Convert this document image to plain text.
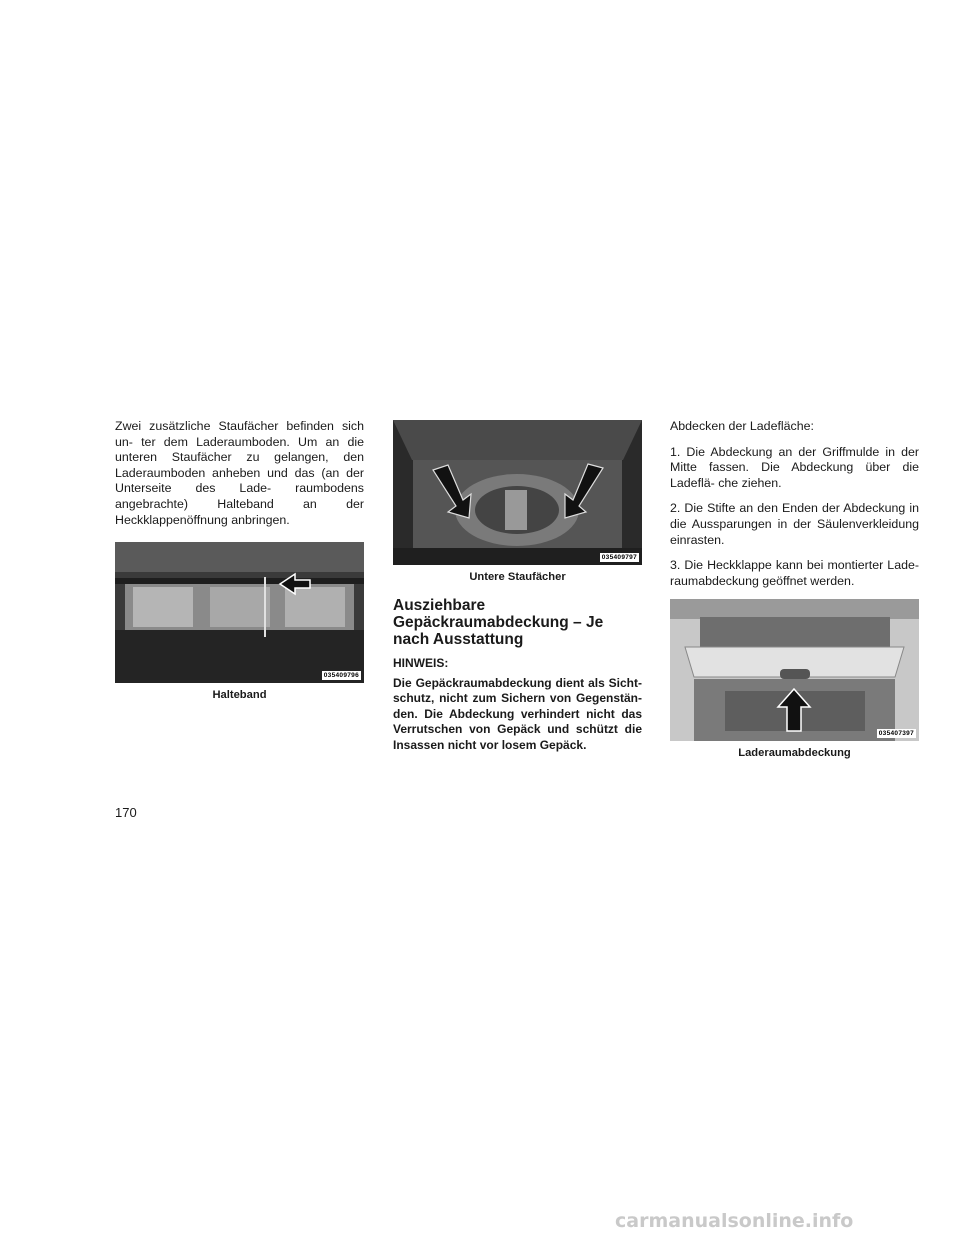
Zwei zusätzliche Staufächer befinden sich un- ter dem Laderaumboden. Um an die unteren Staufächer zu gelangen, den Laderaumboden anheben und das (an der Unterseite des Lade- raumbodens angebrachte) Halteband an der Heckklappenöffnung anbringen.

035409796
Halteband
035409797
Untere Staufächer
Ausziehbare Gepäckraumabdeckung – Je nach Ausstattung
HINWEIS:

Die Gepäckraumabdeckung dient als Sicht- schutz, nicht zum Sichern von Gegenstän- den. Die Abdeckung verhindert nicht das Verrutschen von Gepäck und schützt die Insassen nicht vor losem Gepäck.

Abdecken der Ladefläche:

1. Die Abdeckung an der Griffmulde in der Mitte fassen. Die Abdeckung über die Ladeflä- che ziehen.

2. Die Stifte an den Enden der Abdeckung in die Aussparungen in der Säulenverkleidung einrasten.

3. Die Heckklappe kann bei montierter Lade- raumabdeckung geöffnet werden.

035407397
Laderaumabdeckung
170
carmanualsonline.info
